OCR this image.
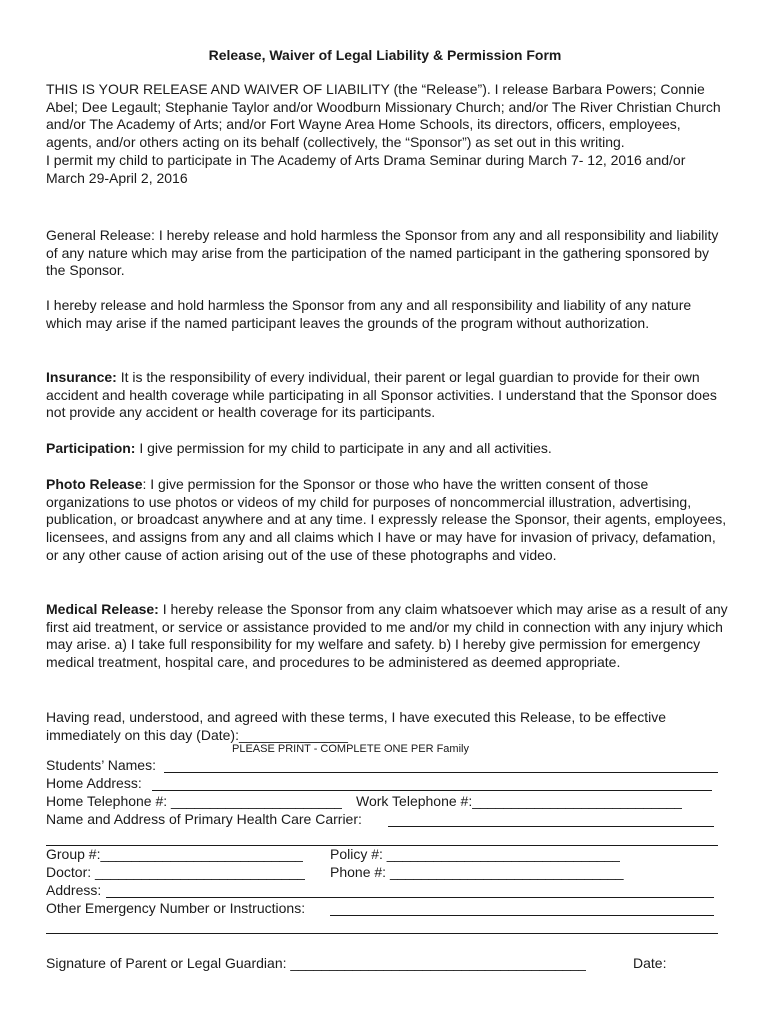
Release, Waiver of Legal Liability & Permission Form
THIS IS YOUR RELEASE AND WAIVER OF LIABILITY (the “Release”). I release Barbara Powers; Connie Abel; Dee Legault; Stephanie Taylor and/or Woodburn Missionary Church; and/or The River Christian Church and/or The Academy of Arts; and/or Fort Wayne Area Home Schools, its directors, officers, employees, agents, and/or others acting on its behalf (collectively, the “Sponsor”) as set out in this writing.
I permit my child to participate in The Academy of Arts Drama Seminar during March 7- 12, 2016 and/or March 29-April 2, 2016
General Release: I hereby release and hold harmless the Sponsor from any and all responsibility and liability of any nature which may arise from the participation of the named participant in the gathering sponsored by the Sponsor.
I hereby release and hold harmless the Sponsor from any and all responsibility and liability of any nature which may arise if the named participant leaves the grounds of the program without authorization.
Insurance: It is the responsibility of every individual, their parent or legal guardian to provide for their own accident and health coverage while participating in all Sponsor activities. I understand that the Sponsor does not provide any accident or health coverage for its participants.
Participation: I give permission for my child to participate in any and all activities.
Photo Release: I give permission for the Sponsor or those who have the written consent of those organizations to use photos or videos of my child for purposes of noncommercial illustration, advertising, publication, or broadcast anywhere and at any time. I expressly release the Sponsor, their agents, employees, licensees, and assigns from any and all claims which I have or may have for invasion of privacy, defamation, or any other cause of action arising out of the use of these photographs and video.
Medical Release: I hereby release the Sponsor from any claim whatsoever which may arise as a result of any first aid treatment, or service or assistance provided to me and/or my child in connection with any injury which may arise. a) I take full responsibility for my welfare and safety. b) I hereby give permission for emergency medical treatment, hospital care, and procedures to be administered as deemed appropriate.
Having read, understood, and agreed with these terms, I have executed this Release, to be effective immediately on this day (Date):______________
PLEASE PRINT - COMPLETE ONE PER Family
Students’ Names:
Home Address:
Home Telephone #: ______________________ Work Telephone #:___________________________
Name and Address of Primary Health Care Carrier:
Group #:__________________________ Policy #: ______________________________
Doctor: ___________________________ Phone #: ______________________________
Address:
Other Emergency Number or Instructions:
Signature of Parent or Legal Guardian: ______________________________________	Date:
